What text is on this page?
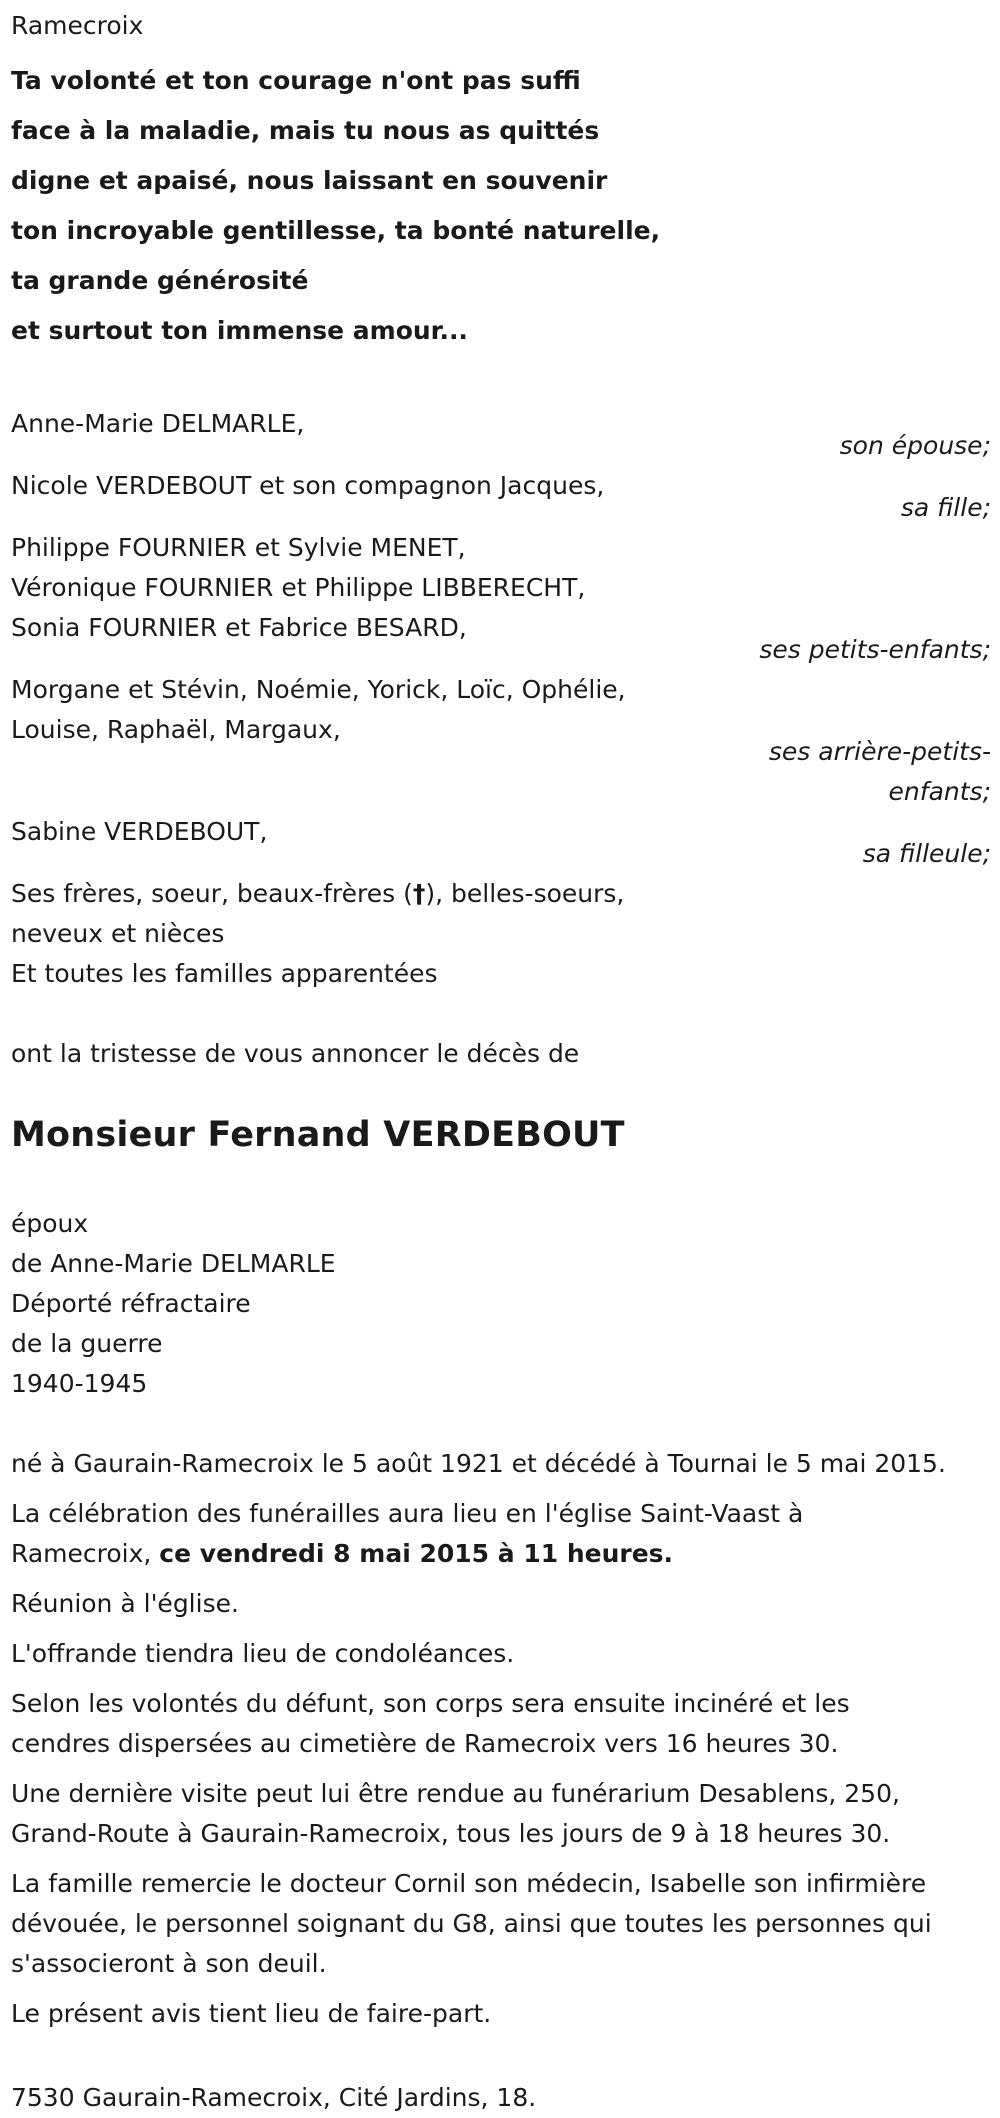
Ramecroix
Ta volonté et ton courage n'ont pas suffi
face à la maladie, mais tu nous as quittés
digne et apaisé, nous laissant en souvenir
ton incroyable gentillesse, ta bonté naturelle,
ta grande générosité
et surtout ton immense amour...
Anne-Marie DELMARLE,
son épouse;
Nicole VERDEBOUT et son compagnon Jacques,
sa fille;
Philippe FOURNIER et Sylvie MENET,
Véronique FOURNIER et Philippe LIBBERECHT,
Sonia FOURNIER et Fabrice BESARD,
ses petits-enfants;
Morgane et Stévin, Noémie, Yorick, Loïc, Ophélie,
Louise, Raphaël, Margaux,
ses arrière-petits-
enfants;
Sabine VERDEBOUT,
sa filleule;
Ses frères, soeur, beaux-frères (†), belles-soeurs,
neveux et nièces
Et toutes les familles apparentées
ont la tristesse de vous annoncer le décès de
Monsieur Fernand VERDEBOUT
époux
de Anne-Marie DELMARLE
Déporté réfractaire
de la guerre
1940-1945
né à Gaurain-Ramecroix le 5 août 1921 et décédé à Tournai le 5 mai 2015.
La célébration des funérailles aura lieu en l'église Saint-Vaast à
Ramecroix, ce vendredi 8 mai 2015 à 11 heures.
Réunion à l'église.
L'offrande tiendra lieu de condoléances.
Selon les volontés du défunt, son corps sera ensuite incinéré et les
cendres dispersées au cimetière de Ramecroix vers 16 heures 30.
Une dernière visite peut lui être rendue au funérarium Desablens, 250,
Grand-Route à Gaurain-Ramecroix, tous les jours de 9 à 18 heures 30.
La famille remercie le docteur Cornil son médecin, Isabelle son infirmière
dévouée, le personnel soignant du G8, ainsi que toutes les personnes qui
s'associeront à son deuil.
Le présent avis tient lieu de faire-part.
7530 Gaurain-Ramecroix, Cité Jardins, 18.
